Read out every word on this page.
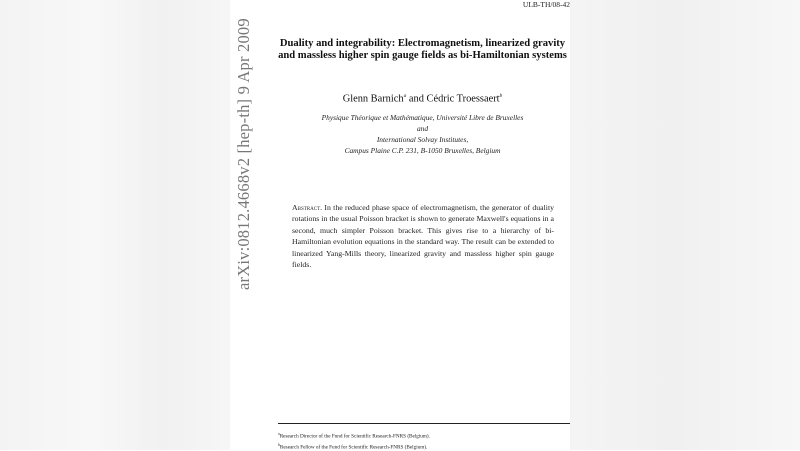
ULB-TH/08-42
arXiv:0812.4668v2 [hep-th] 9 Apr 2009	Duality and integrability: Electromagnetism, linearized gravity and massless higher spin gauge fields as bi-Hamiltonian systems
Glenn Barnich$^a$ and Cédric Troessaert$^b$
Physique Théorique et Mathématique, Université Libre de Bruxelles
and
International Solvay Institutes,
Campus Plaine C.P. 231, B-1050 Bruxelles, Belgium
Abstract. In the reduced phase space of electromagnetism, the generator of duality rotations in the usual Poisson bracket is shown to generate Maxwell's equations in a second, much simpler Poisson bracket. This gives rise to a hierarchy of bi-Hamiltonian evolution equations in the standard way. The result can be extended to linearized Yang-Mills theory, linearized gravity and massless higher spin gauge fields.
$^a$Research Director of the Fund for Scientific Research-FNRS (Belgium).
$^b$Research Fellow of the Fund for Scientific Research-FNRS (Belgium).
